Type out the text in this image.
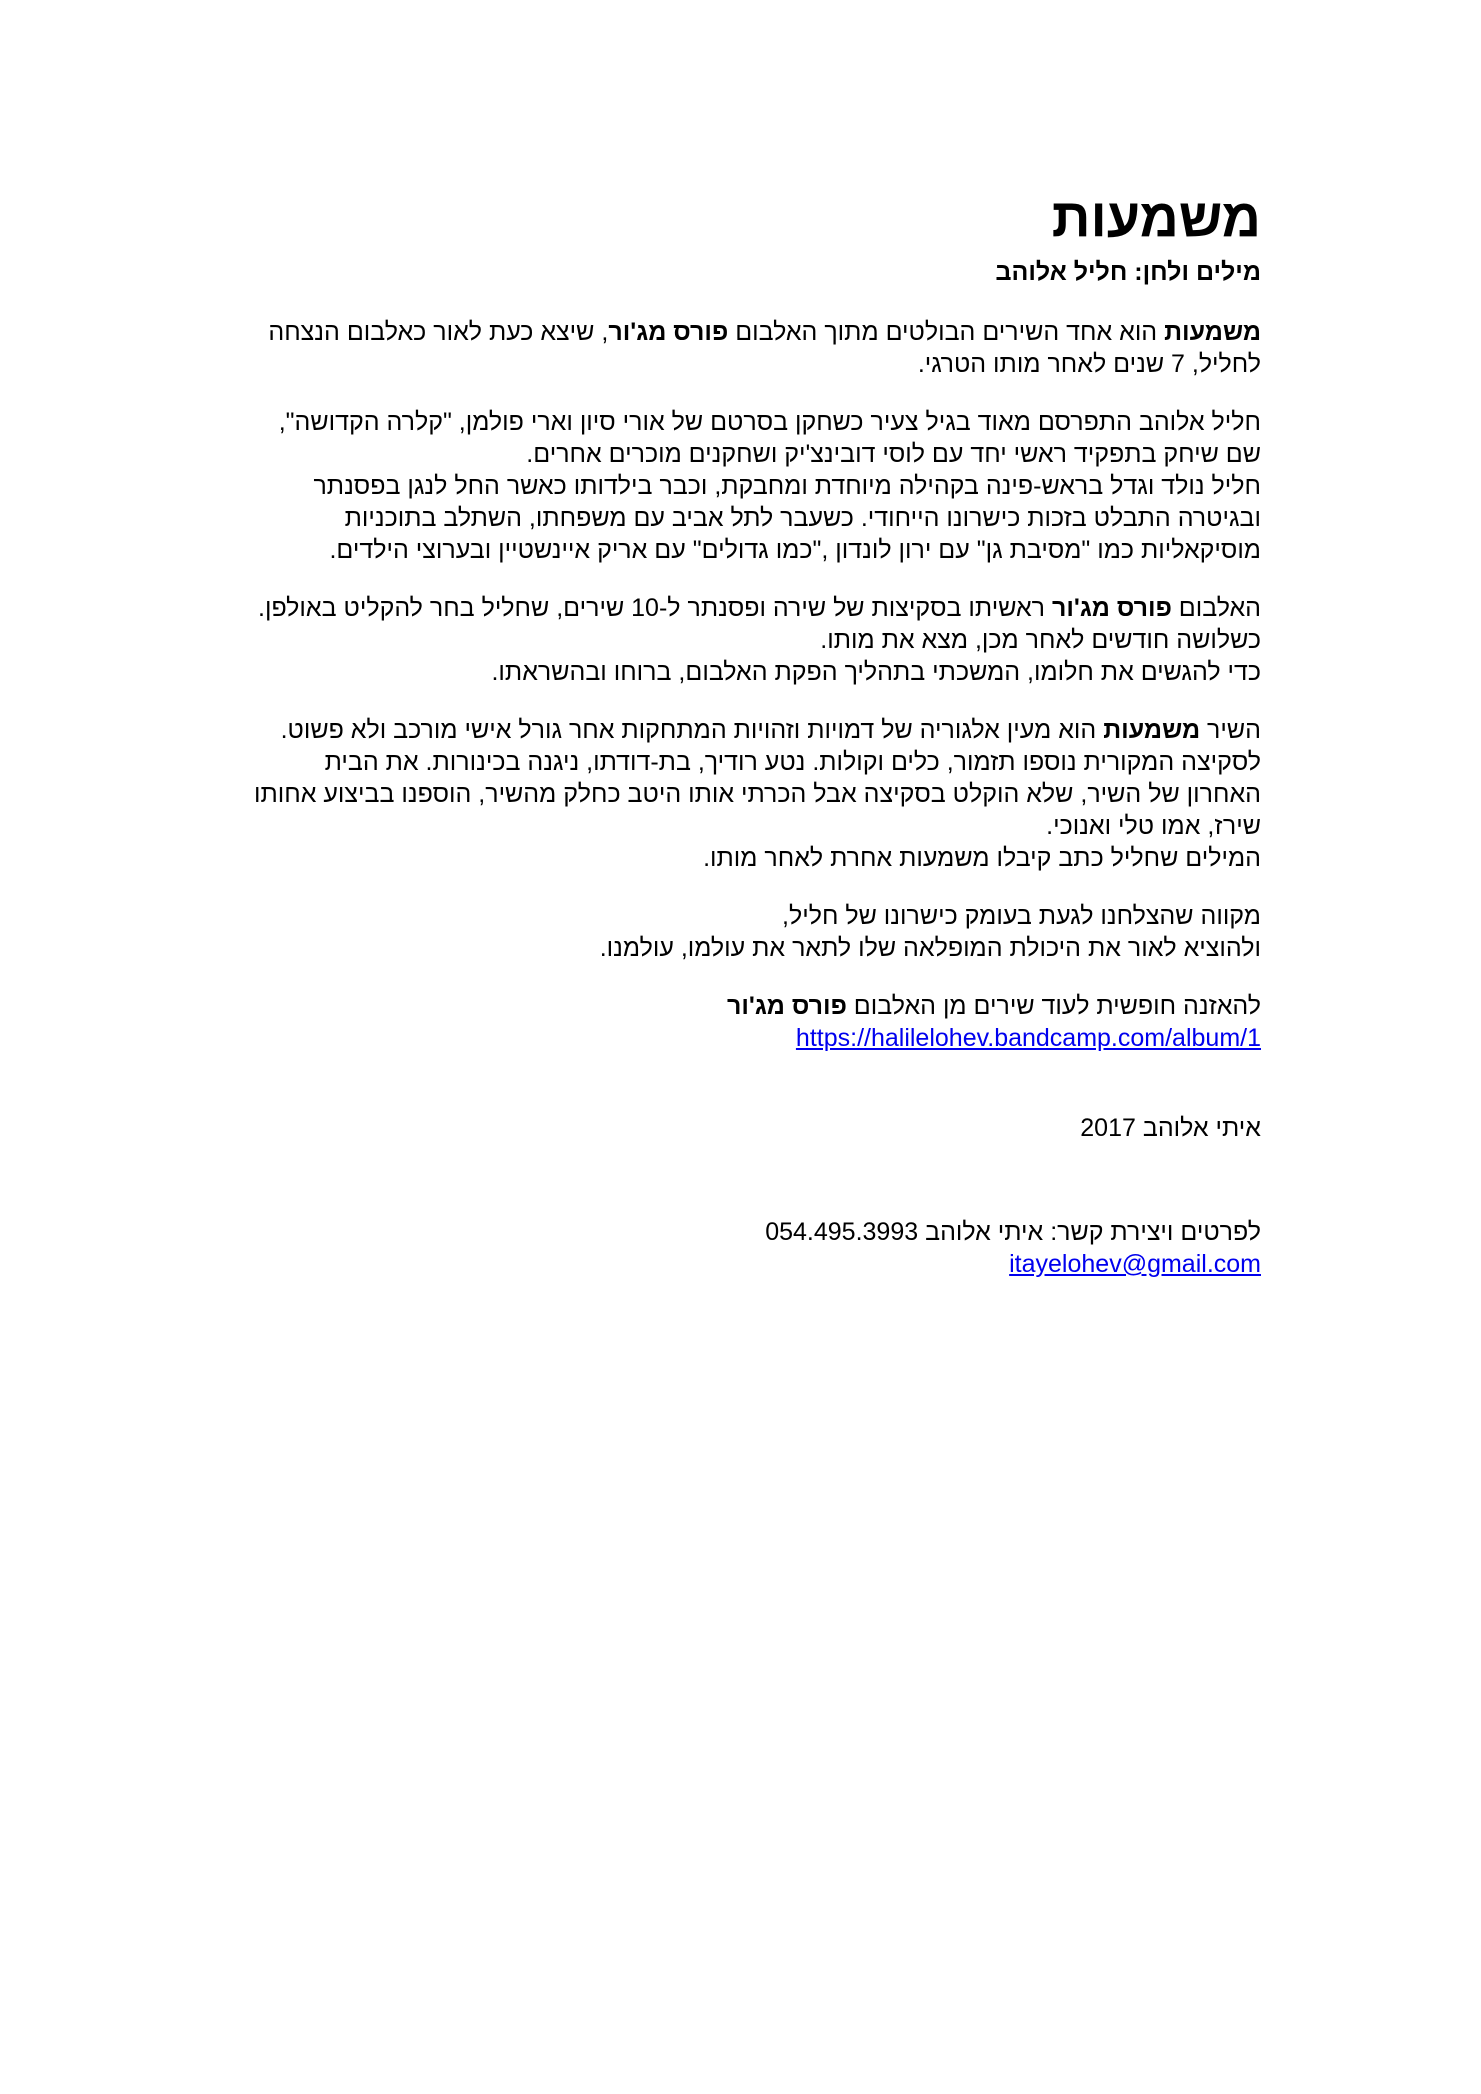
משמעות

מילים ולחן: חליל אלוהב

משמעות הוא אחד השירים הבולטים מתוך האלבום פורס מג'ור, שיצא כעת לאור כאלבום הנצחה
לחליל, 7 שנים לאחר מותו הטרגי.

חליל אלוהב התפרסם מאוד בגיל צעיר כשחקן בסרטם של אורי סיון וארי פולמן, "קלרה הקדושה",
שם שיחק בתפקיד ראשי יחד עם לוסי דובינצ'יק ושחקנים מוכרים אחרים.
חליל נולד וגדל בראש-פינה בקהילה מיוחדת ומחבקת, וכבר בילדותו כאשר החל לנגן בפסנתר
ובגיטרה התבלט בזכות כישרונו הייחודי. כשעבר לתל אביב עם משפחתו, השתלב בתוכניות
מוסיקאליות כמו "מסיבת גן" עם ירון לונדון ,"כמו גדולים" עם אריק איינשטיין ובערוצי הילדים.

האלבום פורס מג'ור ראשיתו בסקיצות של שירה ופסנתר ל-10 שירים, שחליל בחר להקליט באולפן.
כשלושה חודשים לאחר מכן, מצא את מותו.
כדי להגשים את חלומו, המשכתי בתהליך הפקת האלבום, ברוחו ובהשראתו.

השיר משמעות הוא מעין אלגוריה של דמויות וזהויות המתחקות אחר גורל אישי מורכב ולא פשוט.
לסקיצה המקורית נוספו תזמור, כלים וקולות. נטע רודיך, בת-דודתו, ניגנה בכינורות. את הבית
האחרון של השיר, שלא הוקלט בסקיצה אבל הכרתי אותו היטב כחלק מהשיר, הוספנו בביצוע אחותו
שירז, אמו טלי ואנוכי.
המילים שחליל כתב קיבלו משמעות אחרת לאחר מותו.

מקווה שהצלחנו לגעת בעומק כישרונו של חליל,
ולהוציא לאור את היכולת המופלאה שלו לתאר את עולמו, עולמנו.

להאזנה חופשית לעוד שירים מן האלבום פורס מג'ור
https://halilelohev.bandcamp.com/album/1

איתי אלוהב 2017

לפרטים ויצירת קשר: איתי אלוהב 054.495.3993
itayelohev@gmail.com
